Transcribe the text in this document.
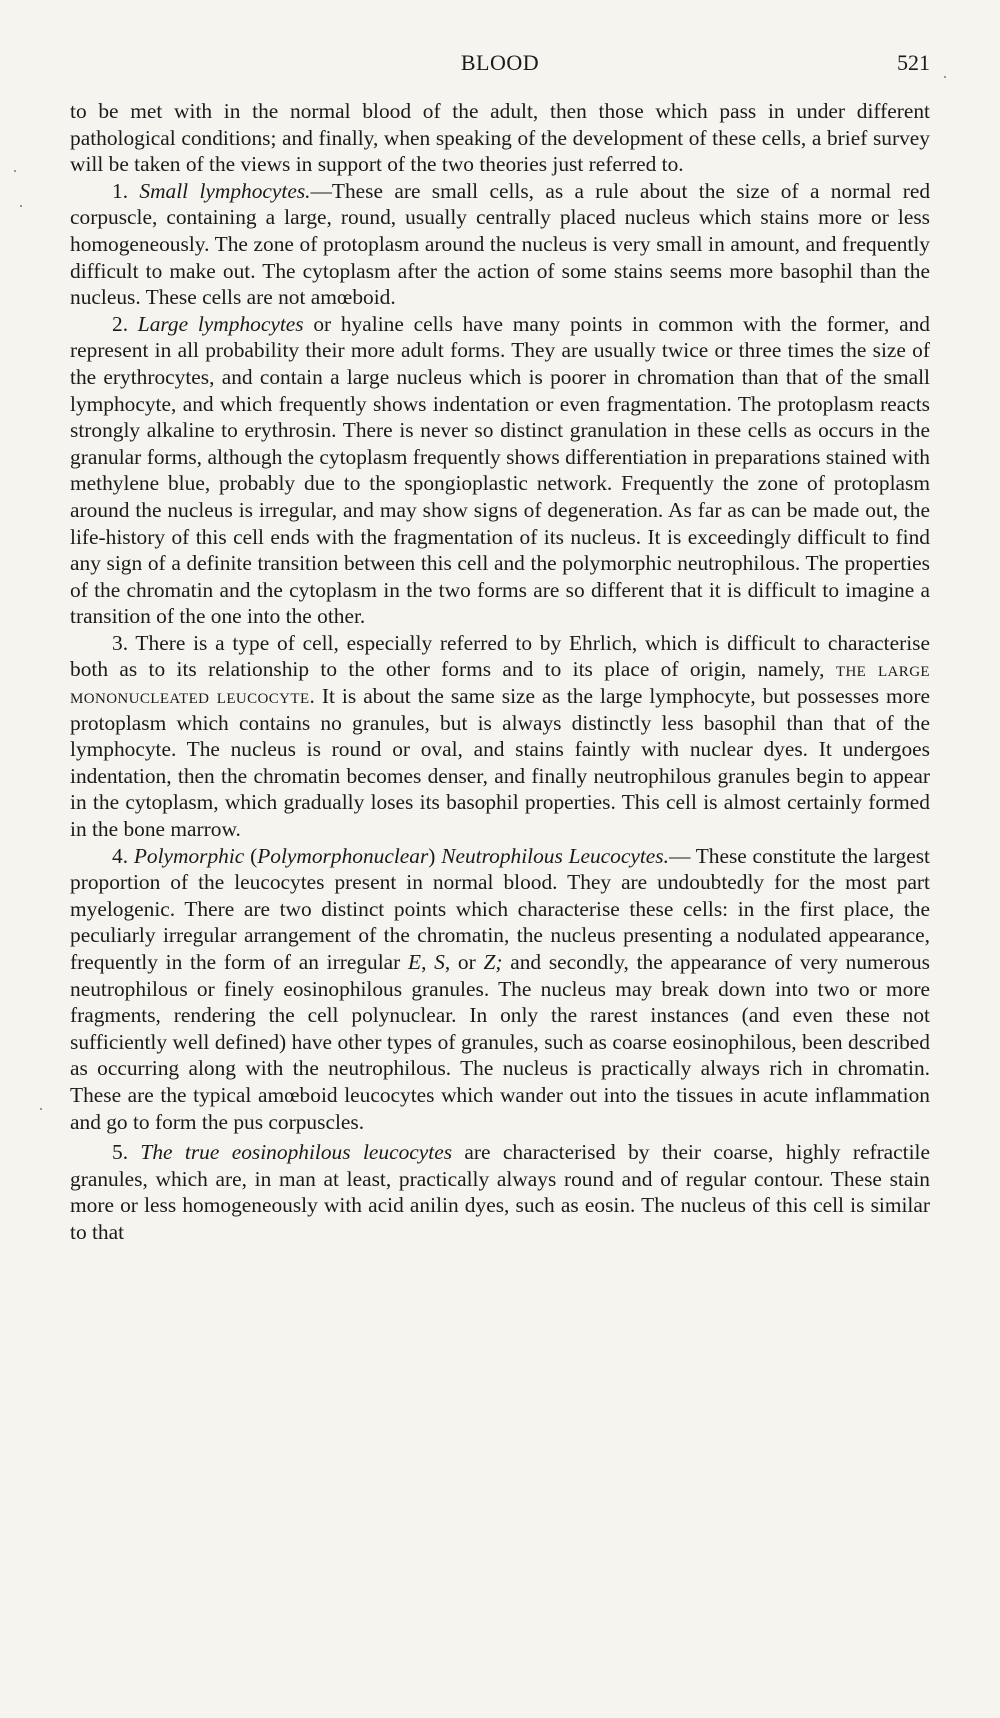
BLOOD	521

to be met with in the normal blood of the adult, then those which pass in under different pathological conditions; and finally, when speaking of the development of these cells, a brief survey will be taken of the views in support of the two theories just referred to.

1. Small lymphocytes.—These are small cells, as a rule about the size of a normal red corpuscle, containing a large, round, usually centrally placed nucleus which stains more or less homogeneously. The zone of protoplasm around the nucleus is very small in amount, and frequently difficult to make out. The cytoplasm after the action of some stains seems more basophil than the nucleus. These cells are not amœboid.

2. Large lymphocytes or hyaline cells have many points in common with the former, and represent in all probability their more adult forms. They are usually twice or three times the size of the erythrocytes, and contain a large nucleus which is poorer in chromation than that of the small lymphocyte, and which frequently shows indentation or even fragmentation. The protoplasm reacts strongly alkaline to erythrosin. There is never so distinct granulation in these cells as occurs in the granular forms, although the cytoplasm frequently shows differentiation in preparations stained with methylene blue, probably due to the spongioplastic network. Frequently the zone of protoplasm around the nucleus is irregular, and may show signs of degeneration. As far as can be made out, the life-history of this cell ends with the fragmentation of its nucleus. It is exceedingly difficult to find any sign of a definite transition between this cell and the polymorphic neutrophilous. The properties of the chromatin and the cytoplasm in the two forms are so different that it is difficult to imagine a transition of the one into the other.

3. There is a type of cell, especially referred to by Ehrlich, which is difficult to characterise both as to its relationship to the other forms and to its place of origin, namely, the large mononucleated leucocyte. It is about the same size as the large lymphocyte, but possesses more protoplasm which contains no granules, but is always distinctly less basophil than that of the lymphocyte. The nucleus is round or oval, and stains faintly with nuclear dyes. It undergoes indentation, then the chromatin becomes denser, and finally neutrophilous granules begin to appear in the cytoplasm, which gradually loses its basophil properties. This cell is almost certainly formed in the bone marrow.

4. Polymorphic (Polymorphonuclear) Neutrophilous Leucocytes.— These constitute the largest proportion of the leucocytes present in normal blood. They are undoubtedly for the most part myelogenic. There are two distinct points which characterise these cells: in the first place, the peculiarly irregular arrangement of the chromatin, the nucleus presenting a nodulated appearance, frequently in the form of an irregular E, S, or Z; and secondly, the appearance of very numerous neutrophilous or finely eosinophilous granules. The nucleus may break down into two or more fragments, rendering the cell polynuclear. In only the rarest instances (and even these not sufficiently well defined) have other types of granules, such as coarse eosinophilous, been described as occurring along with the neutrophilous. The nucleus is practically always rich in chromatin. These are the typical amœboid leucocytes which wander out into the tissues in acute inflammation and go to form the pus corpuscles.

5. The true eosinophilous leucocytes are characterised by their coarse, highly refractile granules, which are, in man at least, practically always round and of regular contour. These stain more or less homogeneously with acid anilin dyes, such as eosin. The nucleus of this cell is similar to that
